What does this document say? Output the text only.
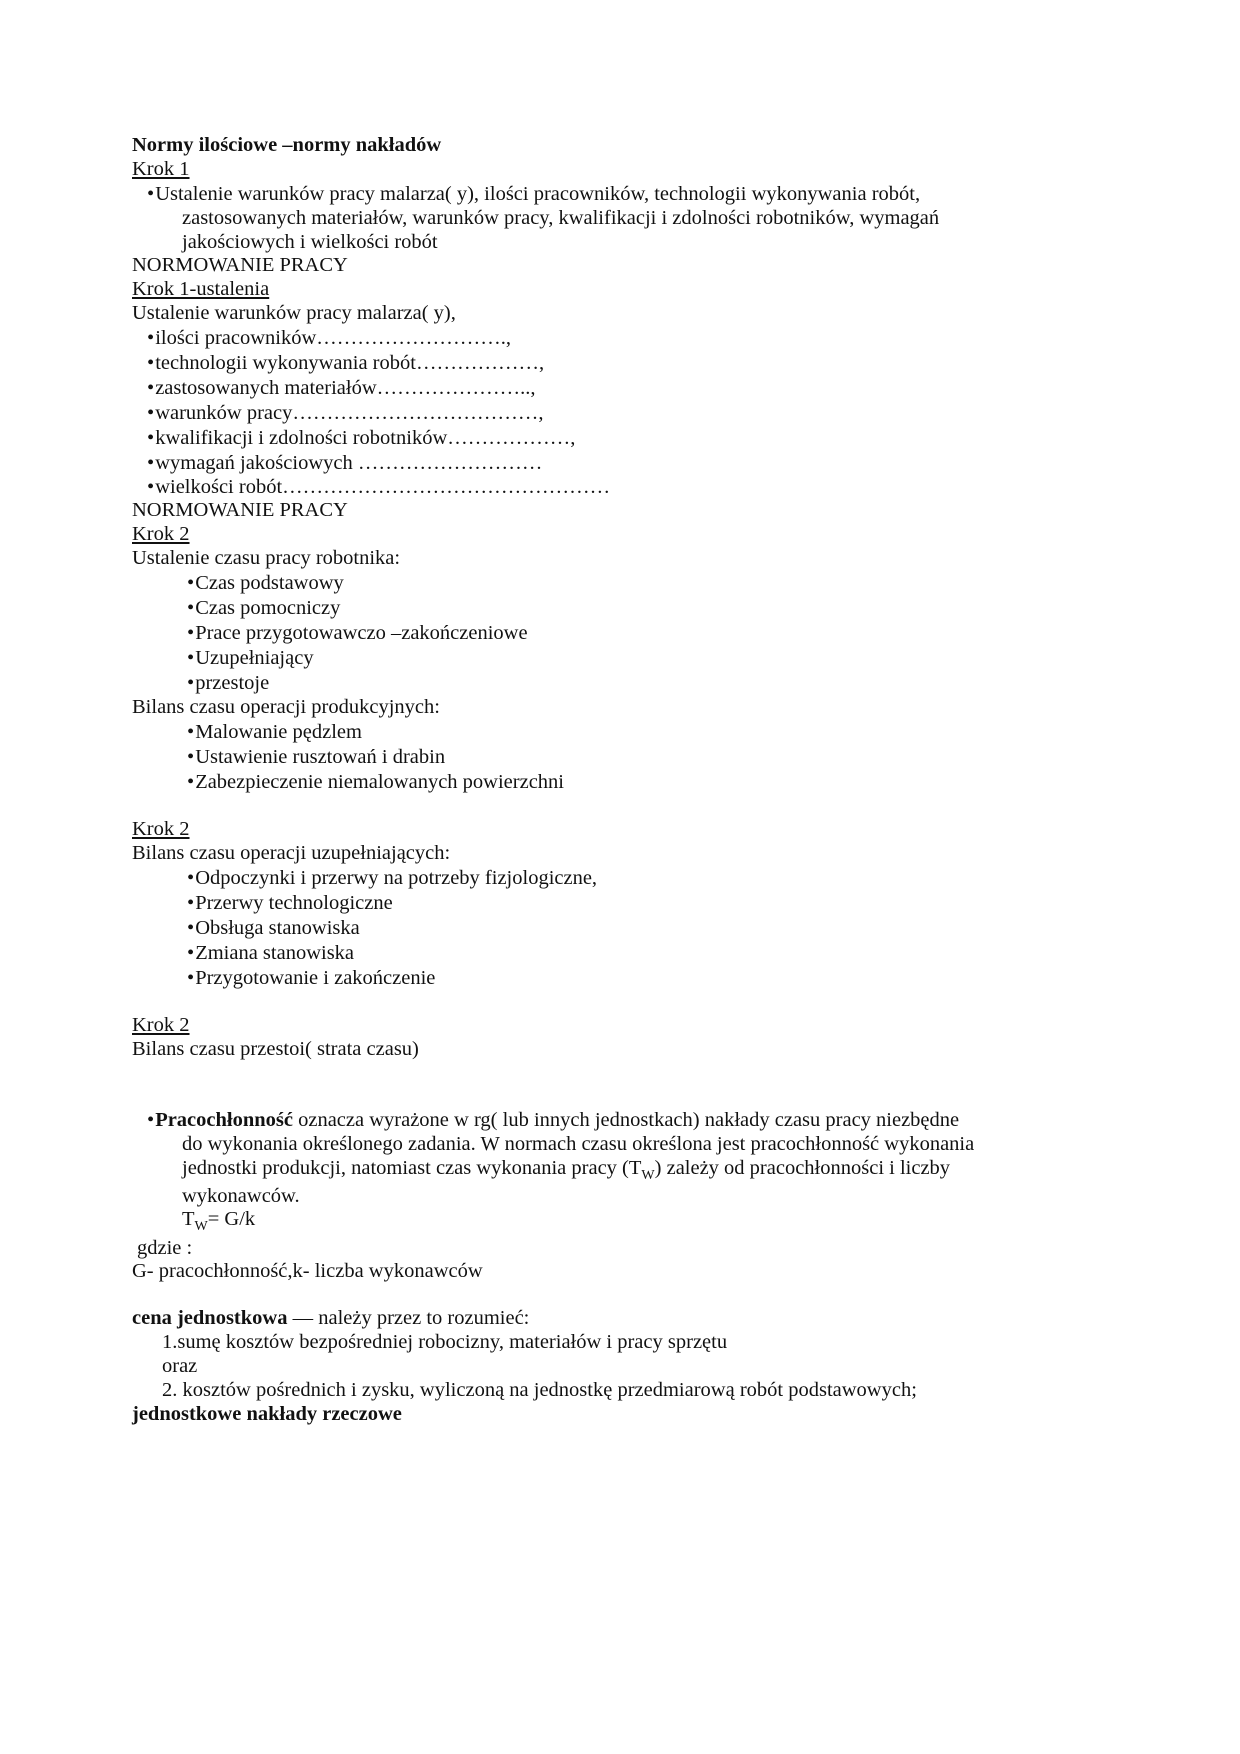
Normy ilościowe –normy nakładów
Krok 1
•Ustalenie warunków pracy malarza( y), ilości pracowników, technologii wykonywania robót,
zastosowanych materiałów, warunków pracy, kwalifikacji i zdolności robotników, wymagań
jakościowych i wielkości robót
NORMOWANIE PRACY
Krok 1-ustalenia
Ustalenie warunków pracy malarza( y),
•ilości pracowników……………………….,
•technologii wykonywania robót………………,
•zastosowanych materiałów…………………..,
•warunków pracy………………………………,
•kwalifikacji i zdolności robotników………………,
•wymagań jakościowych ………………………
•wielkości robót…………………………………………
NORMOWANIE PRACY
Krok 2
Ustalenie czasu pracy robotnika:
•Czas podstawowy
•Czas pomocniczy
•Prace przygotowawczo –zakończeniowe
•Uzupełniający
•przestoje
Bilans czasu operacji produkcyjnych:
•Malowanie pędzlem
•Ustawienie rusztowań i drabin
•Zabezpieczenie niemalowanych powierzchni
Krok 2
Bilans czasu operacji uzupełniających:
•Odpoczynki i przerwy na potrzeby fizjologiczne,
•Przerwy technologiczne
•Obsługa stanowiska
•Zmiana stanowiska
•Przygotowanie i zakończenie
Krok 2
Bilans czasu przestoi( strata czasu)
•Pracochłonność oznacza wyrażone w rg( lub innych jednostkach) nakłady czasu pracy niezbędne
do wykonania określonego zadania. W normach czasu określona jest pracochłonność wykonania
jednostki produkcji, natomiast czas wykonania pracy $(T_W)$ zależy od pracochłonności i liczby
wykonawców.
$T_W= G/k$
gdzie :
G- pracochłonność,k- liczba wykonawców
cena jednostkowa — należy przez to rozumieć:
1.sumę kosztów bezpośredniej robocizny, materiałów i pracy sprzętu
oraz
2. kosztów pośrednich i zysku, wyliczoną na jednostkę przedmiarową robót podstawowych;
jednostkowe nakłady rzeczowe
